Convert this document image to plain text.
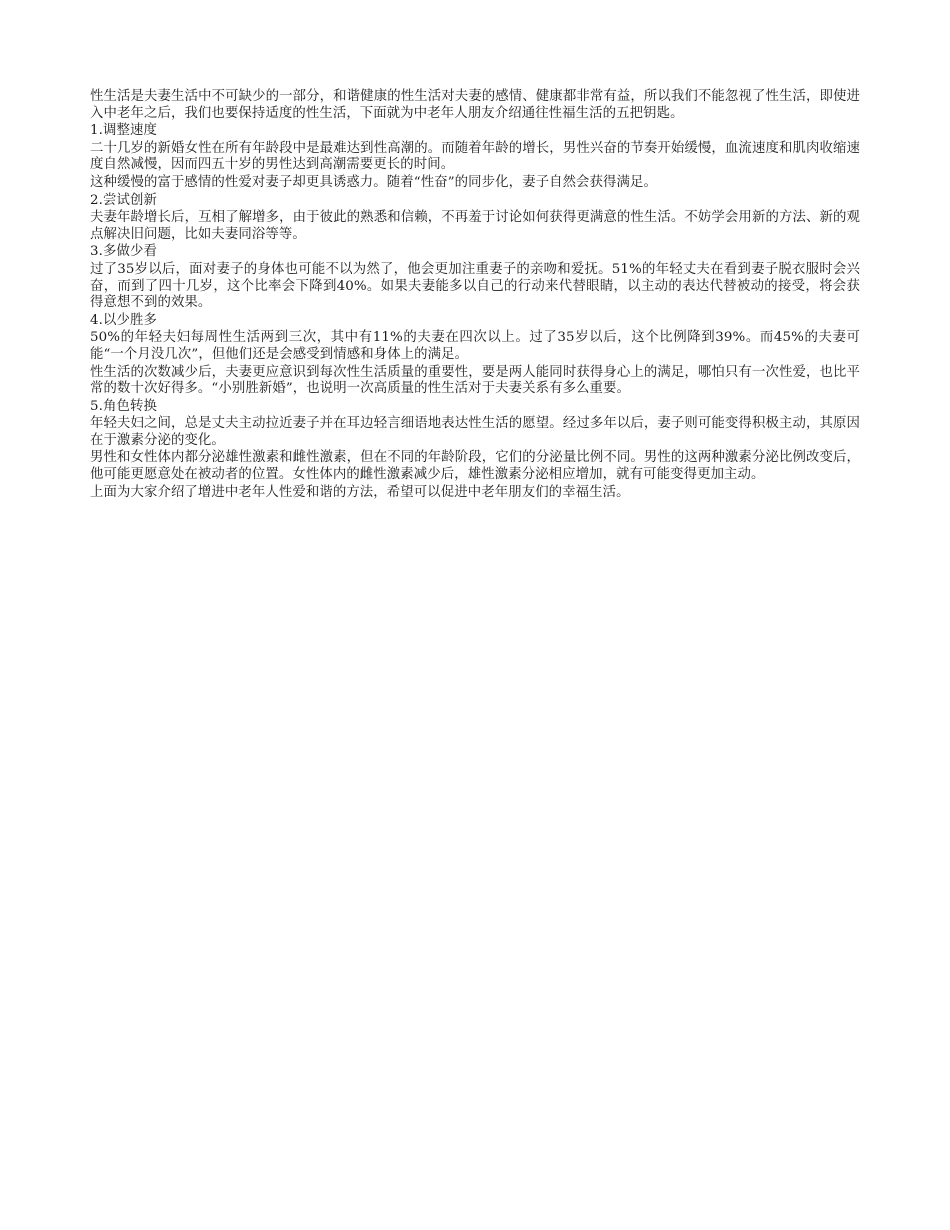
性生活是夫妻生活中不可缺少的一部分，和谐健康的性生活对夫妻的感情、健康都非常有益，所以我们不能忽视了性生活，即使进入中老年之后，我们也要保持适度的性生活，下面就为中老年人朋友介绍通往性福生活的五把钥匙。

1.调整速度

二十几岁的新婚女性在所有年龄段中是最难达到性高潮的。而随着年龄的增长，男性兴奋的节奏开始缓慢，血流速度和肌肉收缩速度自然减慢，因而四五十岁的男性达到高潮需要更长的时间。

这种缓慢的富于感情的性爱对妻子却更具诱惑力。随着“性奋”的同步化，妻子自然会获得满足。

2.尝试创新

夫妻年龄增长后，互相了解增多，由于彼此的熟悉和信赖，不再羞于讨论如何获得更满意的性生活。不妨学会用新的方法、新的观点解决旧问题，比如夫妻同浴等等。

3.多做少看

过了35岁以后，面对妻子的身体也可能不以为然了，他会更加注重妻子的亲吻和爱抚。51%的年轻丈夫在看到妻子脱衣服时会兴奋，而到了四十几岁，这个比率会下降到40%。如果夫妻能多以自己的行动来代替眼睛，以主动的表达代替被动的接受，将会获得意想不到的效果。

4.以少胜多

50%的年轻夫妇每周性生活两到三次，其中有11%的夫妻在四次以上。过了35岁以后，这个比例降到39%。而45%的夫妻可能“一个月没几次”，但他们还是会感受到情感和身体上的满足。

性生活的次数减少后，夫妻更应意识到每次性生活质量的重要性，要是两人能同时获得身心上的满足，哪怕只有一次性爱，也比平常的数十次好得多。“小别胜新婚”，也说明一次高质量的性生活对于夫妻关系有多么重要。

5.角色转换

年轻夫妇之间，总是丈夫主动拉近妻子并在耳边轻言细语地表达性生活的愿望。经过多年以后，妻子则可能变得积极主动，其原因在于激素分泌的变化。

男性和女性体内都分泌雄性激素和雌性激素，但在不同的年龄阶段，它们的分泌量比例不同。男性的这两种激素分泌比例改变后，他可能更愿意处在被动者的位置。女性体内的雌性激素减少后，雄性激素分泌相应增加，就有可能变得更加主动。

上面为大家介绍了增进中老年人性爱和谐的方法，希望可以促进中老年朋友们的幸福生活。
